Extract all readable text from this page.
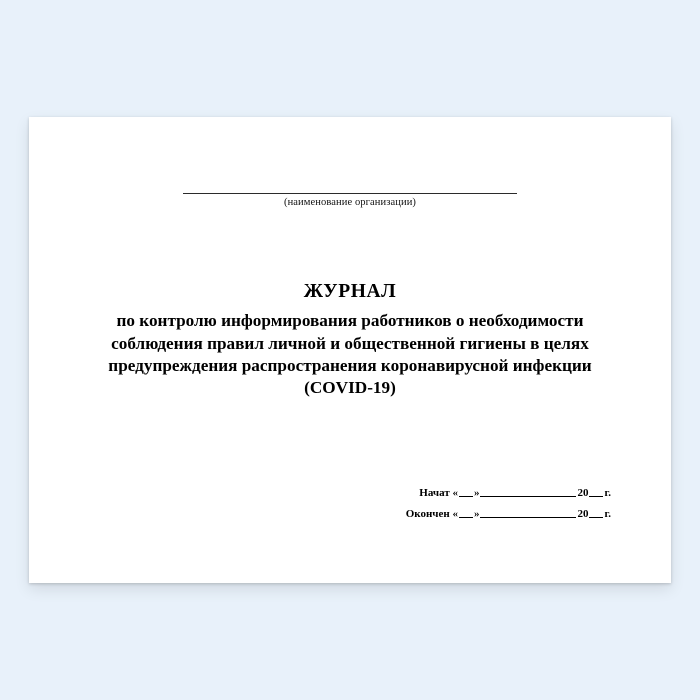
(наименование организации)
ЖУРНАЛ
по контролю информирования работников о необходимости соблюдения правил личной и общественной гигиены в целях предупреждения распространения коронавирусной инфекции
(COVID-19)
Начат « »	20 г.
Окончен « »	20 г.
